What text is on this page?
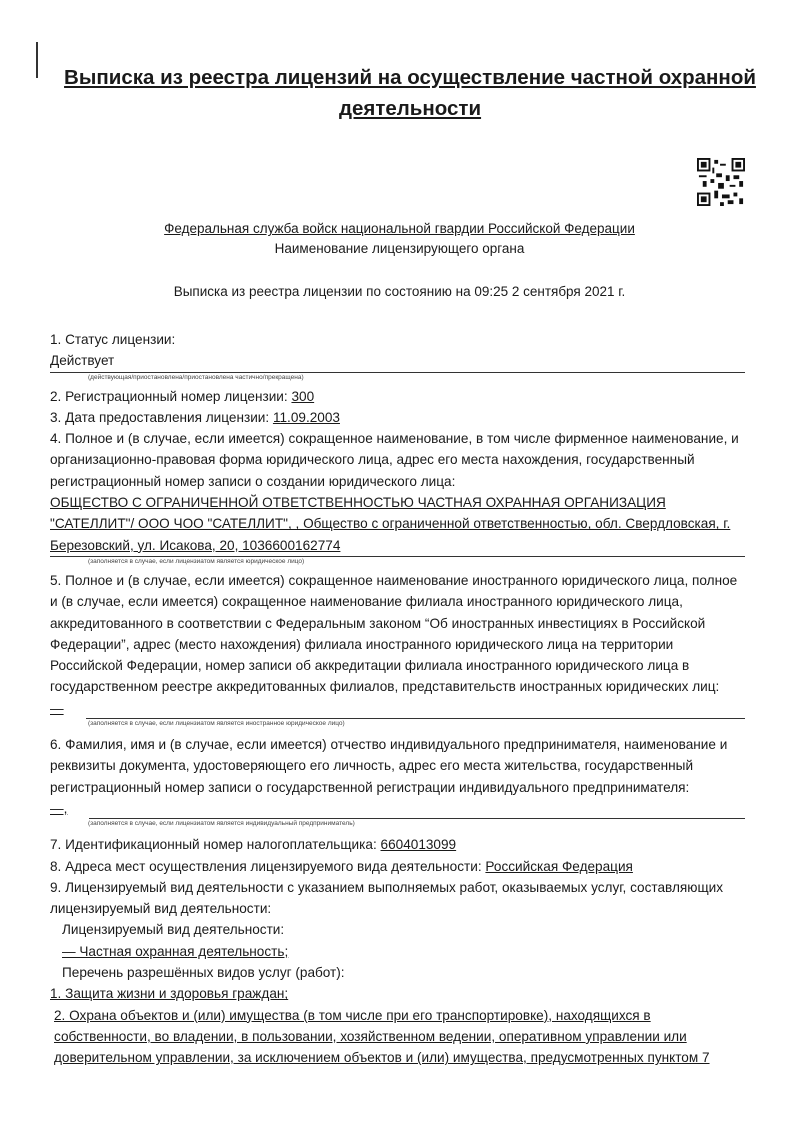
Выписка из реестра лицензий на осуществление частной охранной деятельности
Федеральная служба войск национальной гвардии Российской Федерации
Наименование лицензирующего органа
Выписка из реестра лицензии по состоянию на 09:25 2 сентября 2021 г.
1. Статус лицензии:
Действует
(действующая/приостановлена/приостановлена частично/прекращена)
2. Регистрационный номер лицензии: 300
3. Дата предоставления лицензии: 11.09.2003
4. Полное и (в случае, если имеется) сокращенное наименование, в том числе фирменное наименование, и организационно-правовая форма юридического лица, адрес его места нахождения, государственный регистрационный номер записи о создании юридического лица:
ОБЩЕСТВО С ОГРАНИЧЕННОЙ ОТВЕТСТВЕННОСТЬЮ ЧАСТНАЯ ОХРАННАЯ ОРГАНИЗАЦИЯ "САТЕЛЛИТ"/ ООО ЧОО "САТЕЛЛИТ", , Общество с ограниченной ответственностью, обл. Свердловская, г. Березовский, ул. Исакова, 20, 1036600162774
(заполняется в случае, если лицензиатом является юридическое лицо)
5. Полное и (в случае, если имеется) сокращенное наименование иностранного юридического лица, полное и (в случае, если имеется) сокращенное наименование филиала иностранного юридического лица, аккредитованного в соответствии с Федеральным законом “Об иностранных инвестициях в Российской Федерации”, адрес (место нахождения) филиала иностранного юридического лица на территории Российской Федерации, номер записи об аккредитации филиала иностранного юридического лица в государственном реестре аккредитованных филиалов, представительств иностранных юридических лиц:
—
(заполняется в случае, если лицензиатом является иностранное юридическое лицо)
6. Фамилия, имя и (в случае, если имеется) отчество индивидуального предпринимателя, наименование и реквизиты документа, удостоверяющего его личность, адрес его места жительства, государственный регистрационный номер записи о государственной регистрации индивидуального предпринимателя:
—,
(заполняется в случае, если лицензиатом является индивидуальный предприниматель)
7. Идентификационный номер налогоплательщика: 6604013099
8. Адреса мест осуществления лицензируемого вида деятельности: Российская Федерация
9. Лицензируемый вид деятельности с указанием выполняемых работ, оказываемых услуг, составляющих лицензируемый вид деятельности:
Лицензируемый вид деятельности:
— Частная охранная деятельность;
Перечень разрешённых видов услуг (работ):
1. Защита жизни и здоровья граждан;
2. Охрана объектов и (или) имущества (в том числе при его транспортировке), находящихся в собственности, во владении, в пользовании, хозяйственном ведении, оперативном управлении или доверительном управлении, за исключением объектов и (или) имущества, предусмотренных пунктом 7
